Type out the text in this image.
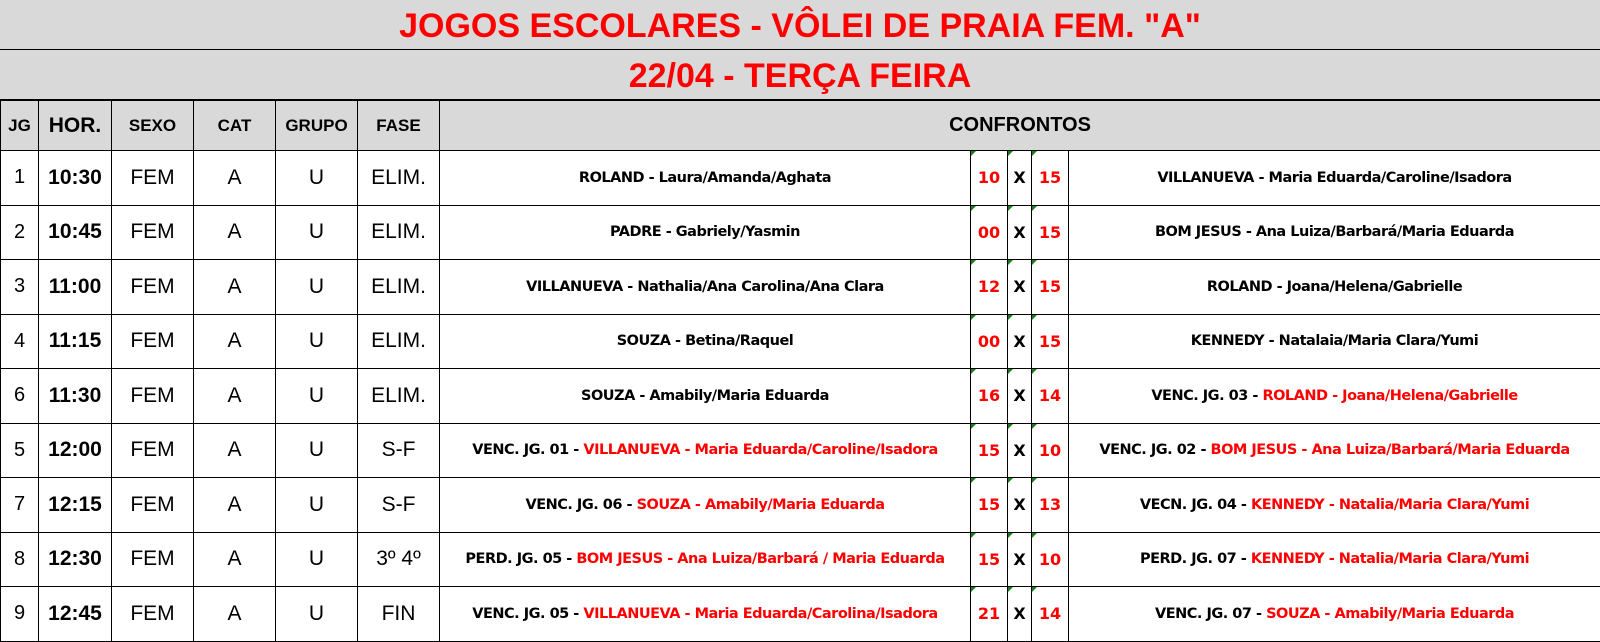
JOGOS ESCOLARES - VÔLEI DE PRAIA FEM. "A"
22/04 - TERÇA FEIRA
JG	HOR.	SEXO	CAT	GRUPO	FASE	CONFRONTOS				
1	10:30	FEM	A	U	ELIM.	ROLAND - Laura/Amanda/Aghata	10	X	15	VILLANUEVA - Maria Eduarda/Caroline/Isadora
2	10:45	FEM	A	U	ELIM.	PADRE - Gabriely/Yasmin	00	X	15	BOM JESUS - Ana Luiza/Barbará/Maria Eduarda
3	11:00	FEM	A	U	ELIM.	VILLANUEVA - Nathalia/Ana Carolina/Ana Clara	12	X	15	ROLAND - Joana/Helena/Gabrielle
4	11:15	FEM	A	U	ELIM.	SOUZA - Betina/Raquel	00	X	15	KENNEDY - Natalaia/Maria Clara/Yumi
6	11:30	FEM	A	U	ELIM.	SOUZA - Amabily/Maria Eduarda	16	X	14	VENC. JG. 03 - ROLAND - Joana/Helena/Gabrielle
5	12:00	FEM	A	U	S-F	VENC. JG. 01 - VILLANUEVA - Maria Eduarda/Caroline/Isadora	15	X	10	VENC. JG. 02 - BOM JESUS - Ana Luiza/Barbará/Maria Eduarda
7	12:15	FEM	A	U	S-F	VENC. JG. 06 - SOUZA - Amabily/Maria Eduarda	15	X	13	VECN. JG. 04 - KENNEDY - Natalia/Maria Clara/Yumi
8	12:30	FEM	A	U	3º 4º	PERD. JG. 05 - BOM JESUS - Ana Luiza/Barbará / Maria Eduarda	15	X	10	PERD. JG. 07 - KENNEDY - Natalia/Maria Clara/Yumi
9	12:45	FEM	A	U	FIN	VENC. JG. 05 - VILLANUEVA - Maria Eduarda/Carolina/Isadora	21	X	14	VENC. JG. 07 - SOUZA - Amabily/Maria Eduarda
